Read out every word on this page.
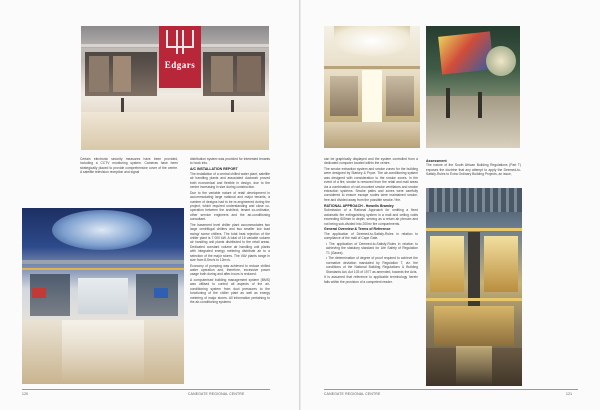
Edgars

Certain electronic security measures have been provided, including a CCTV monitoring system. Cameras have been strategically placed to provide comprehensive cover of the centre. A satellite television reception and signal

distribution system was provided for interested tenants to hook into.

A/C INSTALLATION REPORT

The installation of a central chilled water plant, satellite air handling plants and associated ductwork proved both economical and flexible in design, due to the centre increasing in size during construction.

Due to the variable nature of retail development in accommodating large national and major tenants, a number of designs had to be re-engineered during the project, which required understanding and close co-operation between the architect, tenant co-ordinator, other service engineers and the air-conditioning consultant.

The basement level chiller plant accommodates two large centrifugal chillers and two smaller low load swing/ screw chillers. The total heat rejection of the chiller plant is 7 000 kW. A total of 16 variable volume air handling unit plants distributed to the retail areas. Dedicated constant volume air handling unit plants with integrated energy metering distribute air to a selection of the major stores. The VAV plants range in size from 8,5m³/s to 12m³/s.

Economy of pumping was achieved to reduce chilled water operation and, therefore, excessive power usage both during and after-hours is reduced.

A computerised building management system (BMS) was utilised to control all aspects of the air-conditioning system from duct pressures to the functioning of the chiller plant as well as energy metering of major stores. All information pertaining to the air-conditioning systems

120	CANEGATE REGIONAL CENTRE

can be graphically displayed and the system controlled from a dedicated computer located within the centre.

The smoke extraction system and smoke zones for the building were designed by Starkey & Pryce. The air-conditioning system was designed with consideration to the smoke zones. In the event of a fire, smoke is removed from the retail and mall areas via a combination of roof-mounted smoke ventilators and smoke extraction systems. Smoke paths and zones were carefully considered to ensure escape routes were maintained smoke-free and divided away from the possible smoke / fire.

RATIONAL APPROACH - Howells Bramley

Submission of a Rational Approach for omitting a fixed automatic fire extinguishing system in a mall and ceiling voids exceeding 600mm in depth; serving as a return air plenum and not being sub-divided into 200m² fire compartments.

General Overview & Terms of Reference

The application of Deemed-to-Satisfy-Rules in relation to compliance of the mall of Cape Gate.

• The application of Deemed-to-Satisfy-Rules in relation to achieving the statutory standard for Life Safety of Regulation T1 (Gases).

• The determination of degree of proof required to achieve the normative deviation mandated by Regulation T, viz. the conditions of the National Building Regulations & Building Standards Act, Act 103 of 1977 as amended, towards the Acts.

It is assumed that reference to applicable terminology herein falls within the provision of a competent reader.

Assessment

The nature of the South African Building Regulations (Part T) exposes the doctrine that any attempt to apply the Deemed-to-Satisfy-Rules to Extra Ordinary Building Projects, an issue,

CANEGATE REGIONAL CENTRE	121
